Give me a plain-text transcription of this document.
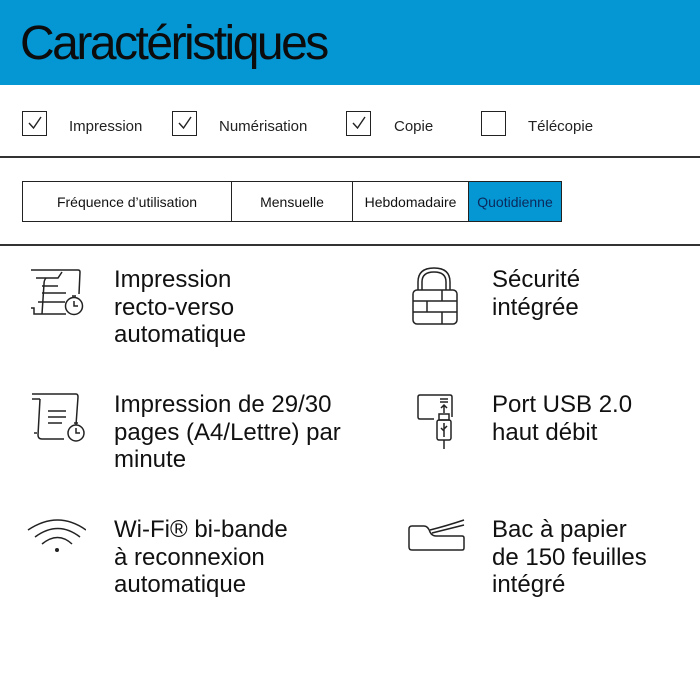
Caractéristiques
Impression	Numérisation	Copie	Télécopie
Fréquence d’utilisation	Mensuelle	Hebdomadaire	Quotidienne
Impression
recto-verso
automatique
Sécurité
intégrée
Impression de 29/30
pages (A4/Lettre) par
minute
Port USB 2.0
haut débit
Wi-Fi® bi-bande
à reconnexion
automatique
Bac à papier
de 150 feuilles
intégré
